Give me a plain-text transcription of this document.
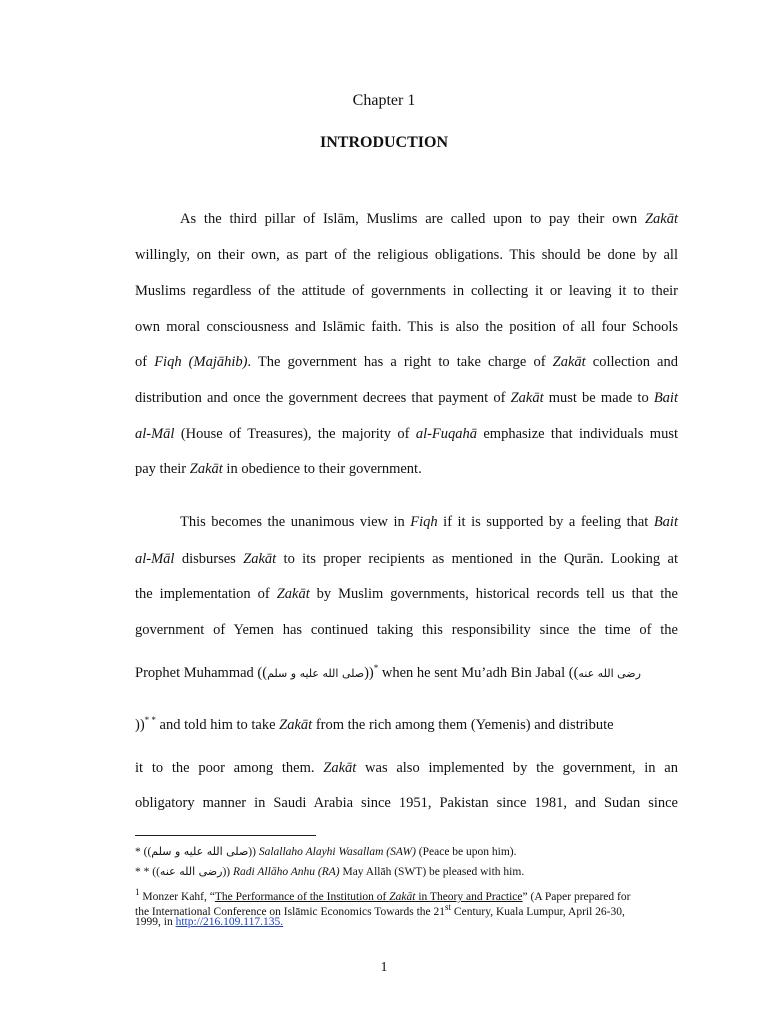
Chapter 1
INTRODUCTION
As the third pillar of Islām, Muslims are called upon to pay their own Zakāt
willingly, on their own, as part of the religious obligations. This should be done by all
Muslims regardless of the attitude of governments in collecting it or leaving it to their
own moral consciousness and Islāmic faith. This is also the position of all four Schools
of Fiqh (Majāhib). The government has a right to take charge of Zakāt collection and
distribution and once the government decrees that payment of Zakāt must be made to Bait
al-Māl (House of Treasures), the majority of al-Fuqahā emphasize that individuals must
pay their Zakāt in obedience to their government.
This becomes the unanimous view in Fiqh if it is supported by a feeling that Bait
al-Māl disburses Zakāt to its proper recipients as mentioned in the Qurān. Looking at
the implementation of Zakāt by Muslim governments, historical records tell us that the
government of Yemen has continued taking this responsibility since the time of the
Prophet Muhammad ((صلى الله عليه و سلم))* when he sent Mu’adh Bin Jabal ((رضى الله عنه
))* * and told him to take Zakāt from the rich among them (Yemenis) and distribute
it to the poor among them. Zakāt was also implemented by the government, in an
obligatory manner in Saudi Arabia since 1951, Pakistan since 1981, and Sudan since
* ((صلى الله عليه و سلم)) Salallaho Alayhi Wasallam (SAW) (Peace be upon him).
* * ((رضى الله عنه)) Radi Allāho Anhu (RA) May Allāh (SWT) be pleased with him.
$^1$ Monzer Kahf, “The Performance of the Institution of Zakāt in Theory and Practice” (A Paper prepared for
the International Conference on Islāmic Economics Towards the 21st Century, Kuala Lumpur, April 26-30,
1999, in http://216.109.117.135.
1
